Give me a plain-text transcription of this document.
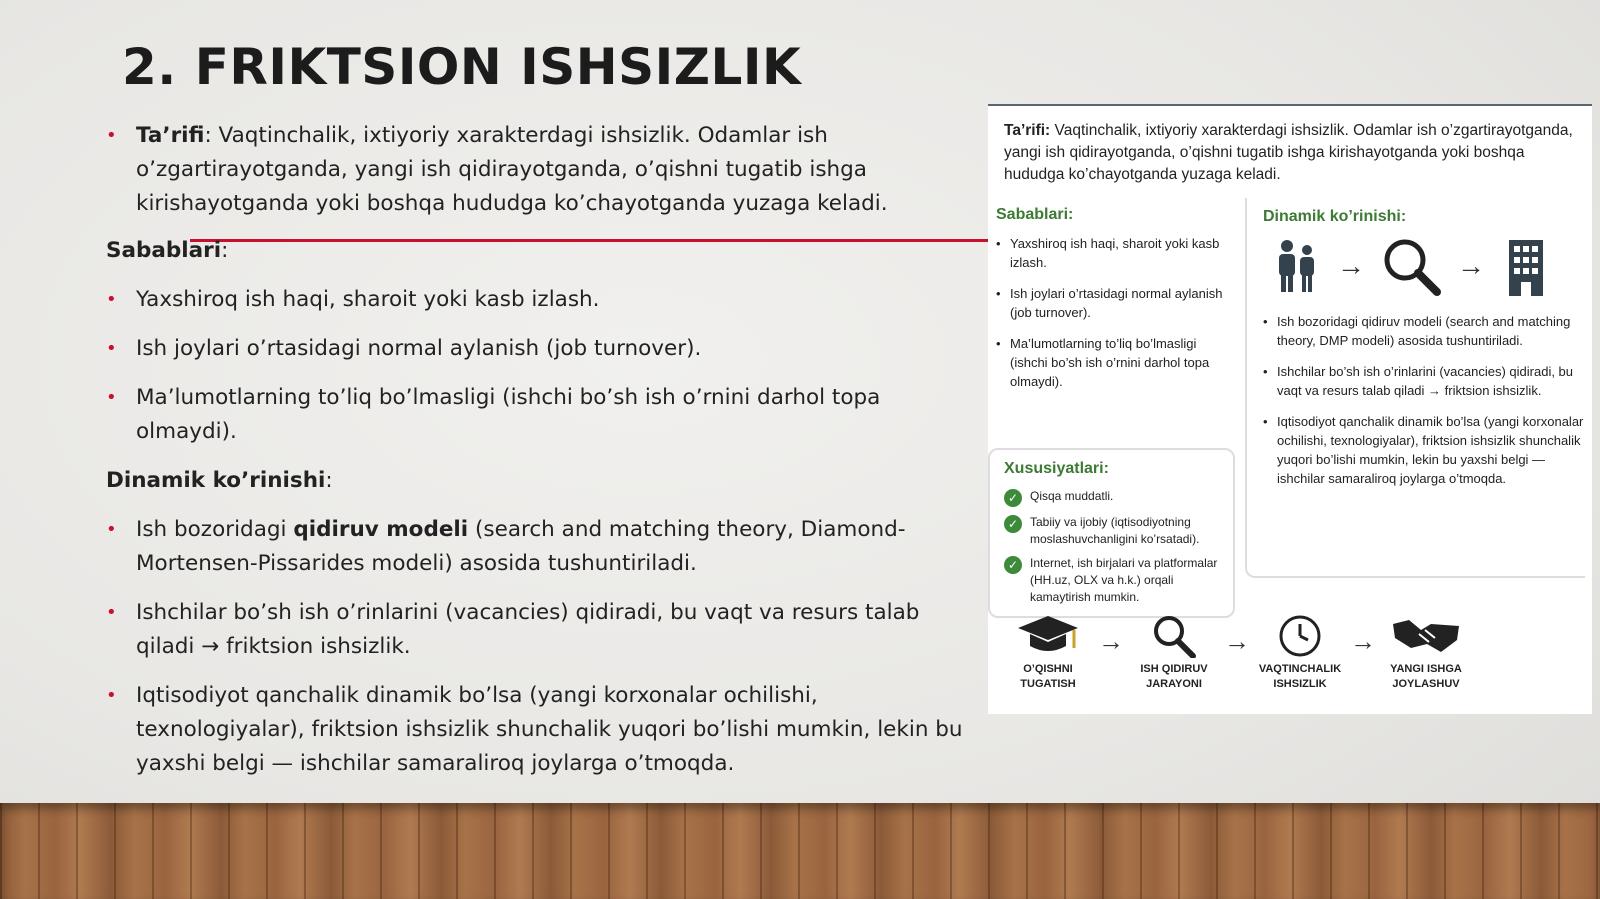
2. FRIKTSION ISHSIZLIK

• Ta’rifi: Vaqtinchalik, ixtiyoriy xarakterdagi ishsizlik. Odamlar ish o’zgartirayotganda, yangi ish qidirayotganda, o’qishni tugatib ishga kirishayotganda yoki boshqa hududga ko’chayotganda yuzaga keladi.

Sabablari:

• Yaxshiroq ish haqi, sharoit yoki kasb izlash.

• Ish joylari o’rtasidagi normal aylanish (job turnover).

• Ma’lumotlarning to’liq bo’lmasligi (ishchi bo’sh ish o’rnini darhol topa olmaydi).

Dinamik ko’rinishi:

• Ish bozoridagi qidiruv modeli (search and matching theory, Diamond-Mortensen-Pissarides modeli) asosida tushuntiriladi.

• Ishchilar bo’sh ish o’rinlarini (vacancies) qidiradi, bu vaqt va resurs talab qiladi → friktsion ishsizlik.

• Iqtisodiyot qanchalik dinamik bo’lsa (yangi korxonalar ochilishi, texnologiyalar), friktsion ishsizlik shunchalik yuqori bo’lishi mumkin, lekin bu yaxshi belgi — ishchilar samaraliroq joylarga o’tmoqda.

Ta’rifi: Vaqtinchalik, ixtiyoriy xarakterdagi ishsizlik. Odamlar ish o’zgartirayotganda, yangi ish qidirayotganda, o’qishni tugatib ishga kirishayotganda yoki boshqa hududga ko’chayotganda yuzaga keladi.
Sabablari:
• Yaxshiroq ish haqi, sharoit yoki kasb izlash.
• Ish joylari o’rtasidagi normal aylanish (job turnover).
• Ma’lumotlarning to’liq bo’lmasligi (ishchi bo’sh ish o’rnini darhol topa olmaydi).
Dinamik ko’rinishi:
→	→
• Ish bozoridagi qidiruv modeli (search and matching theory, DMP modeli) asosida tushuntiriladi.
• Ishchilar bo’sh ish o’rinlarini (vacancies) qidiradi, bu vaqt va resurs talab qiladi → friktsion ishsizlik.
• Iqtisodiyot qanchalik dinamik bo’lsa (yangi korxonalar ochilishi, texnologiyalar), friktsion ishsizlik shunchalik yuqori bo’lishi mumkin, lekin bu yaxshi belgi — ishchilar samaraliroq joylarga o’tmoqda.
Xususiyatlari:
✓ Qisqa muddatli.
✓ Tabiiy va ijobiy (iqtisodiyotning moslashuvchanligini ko’rsatadi).
✓ Internet, ish birjalari va platformalar (HH.uz, OLX va h.k.) orqali kamaytirish mumkin.
O’QISHNI TUGATISH
→
ISH QIDIRUV JARAYONI
→
VAQTINCHALIK ISHSIZLIK
→
YANGI ISHGA JOYLASHUV
